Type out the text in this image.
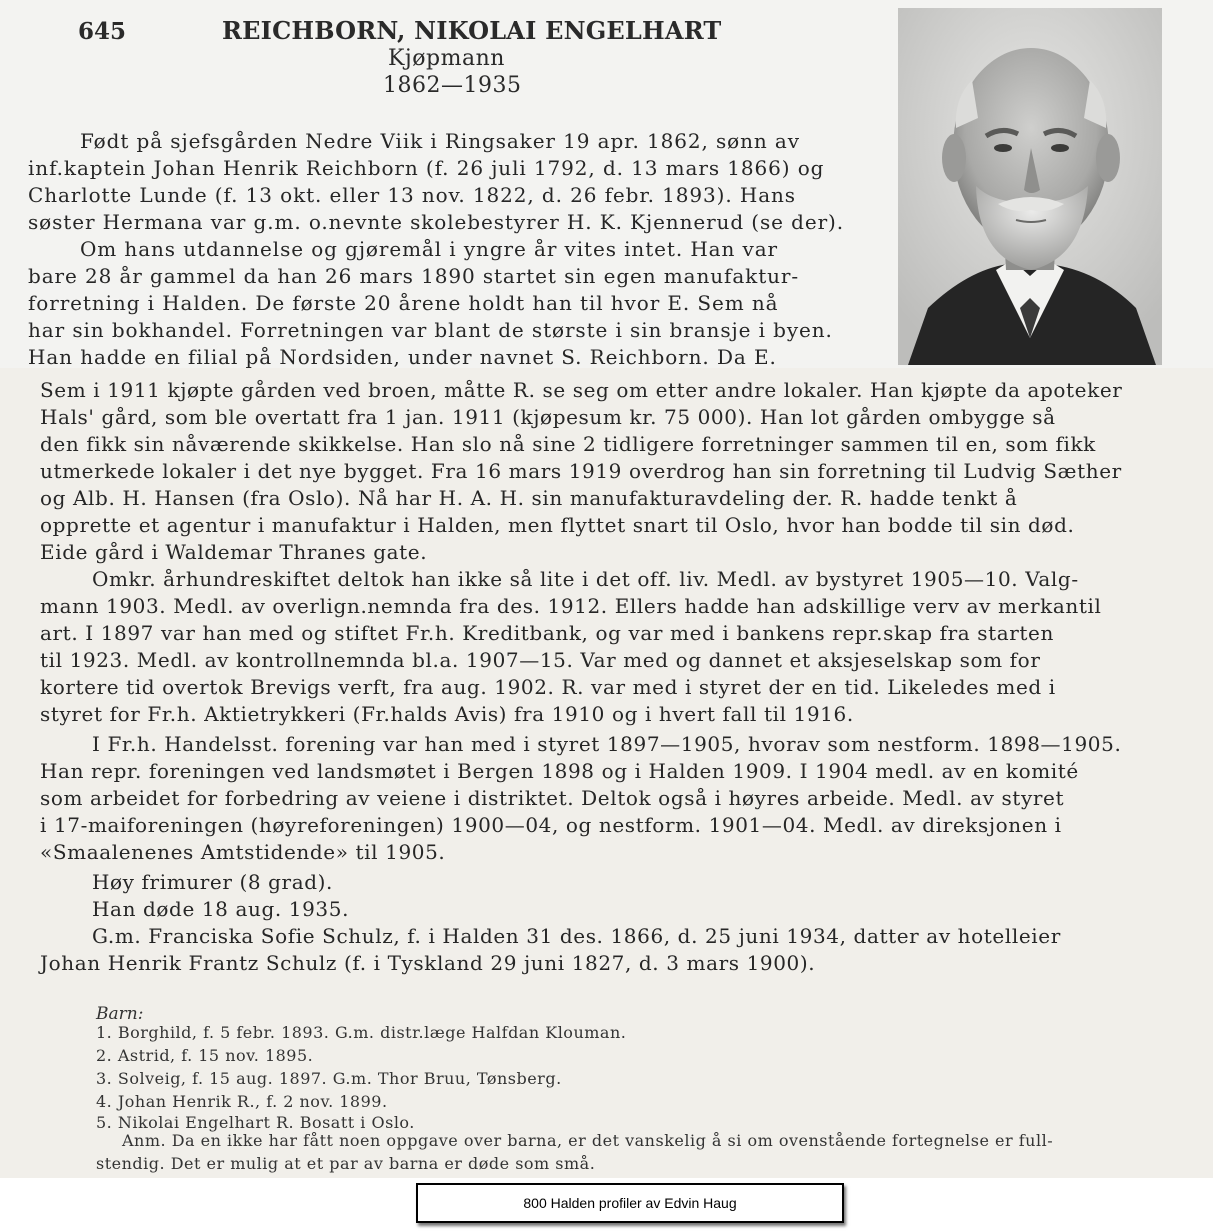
645	REICHBORN, NIKOLAI ENGELHART
Kjøpmann
1862—1935
Født på sjefsgården Nedre Viik i Ringsaker 19 apr. 1862, sønn av
inf.kaptein Johan Henrik Reichborn (f. 26 juli 1792, d. 13 mars 1866) og
Charlotte Lunde (f. 13 okt. eller 13 nov. 1822, d. 26 febr. 1893). Hans
søster Hermana var g.m. o.nevnte skolebestyrer H. K. Kjennerud (se der).
Om hans utdannelse og gjøremål i yngre år vites intet. Han var
bare 28 år gammel da han 26 mars 1890 startet sin egen manufaktur-
forretning i Halden. De første 20 årene holdt han til hvor E. Sem nå
har sin bokhandel. Forretningen var blant de største i sin bransje i byen.
Han hadde en filial på Nordsiden, under navnet S. Reichborn. Da E.
Sem i 1911 kjøpte gården ved broen, måtte R. se seg om etter andre lokaler. Han kjøpte da apoteker
Hals' gård, som ble overtatt fra 1 jan. 1911 (kjøpesum kr. 75 000). Han lot gården ombygge så
den fikk sin nåværende skikkelse. Han slo nå sine 2 tidligere forretninger sammen til en, som fikk
utmerkede lokaler i det nye bygget. Fra 16 mars 1919 overdrog han sin forretning til Ludvig Sæther
og Alb. H. Hansen (fra Oslo). Nå har H. A. H. sin manufakturavdeling der. R. hadde tenkt å
opprette et agentur i manufaktur i Halden, men flyttet snart til Oslo, hvor han bodde til sin død.
Eide gård i Waldemar Thranes gate.
Omkr. århundreskiftet deltok han ikke så lite i det off. liv. Medl. av bystyret 1905—10. Valg-
mann 1903. Medl. av overlign.nemnda fra des. 1912. Ellers hadde han adskillige verv av merkantil
art. I 1897 var han med og stiftet Fr.h. Kreditbank, og var med i bankens repr.skap fra starten
til 1923. Medl. av kontrollnemnda bl.a. 1907—15. Var med og dannet et aksjeselskap som for
kortere tid overtok Brevigs verft, fra aug. 1902. R. var med i styret der en tid. Likeledes med i
styret for Fr.h. Aktietrykkeri (Fr.halds Avis) fra 1910 og i hvert fall til 1916.
I Fr.h. Handelsst. forening var han med i styret 1897—1905, hvorav som nestform. 1898—1905.
Han repr. foreningen ved landsmøtet i Bergen 1898 og i Halden 1909. I 1904 medl. av en komité
som arbeidet for forbedring av veiene i distriktet. Deltok også i høyres arbeide. Medl. av styret
i 17-maiforeningen (høyreforeningen) 1900—04, og nestform. 1901—04. Medl. av direksjonen i
«Smaalenenes Amtstidende» til 1905.
Høy frimurer (8 grad).
Han døde 18 aug. 1935.
G.m. Franciska Sofie Schulz, f. i Halden 31 des. 1866, d. 25 juni 1934, datter av hotelleier
Johan Henrik Frantz Schulz (f. i Tyskland 29 juni 1827, d. 3 mars 1900).
Barn:
1. Borghild, f. 5 febr. 1893. G.m. distr.læge Halfdan Klouman.
2. Astrid, f. 15 nov. 1895.
3. Solveig, f. 15 aug. 1897. G.m. Thor Bruu, Tønsberg.
4. Johan Henrik R., f. 2 nov. 1899.
5. Nikolai Engelhart R. Bosatt i Oslo.
Anm. Da en ikke har fått noen oppgave over barna, er det vanskelig å si om ovenstående fortegnelse er full-
stendig. Det er mulig at et par av barna er døde som små.
800 Halden profiler av Edvin Haug
